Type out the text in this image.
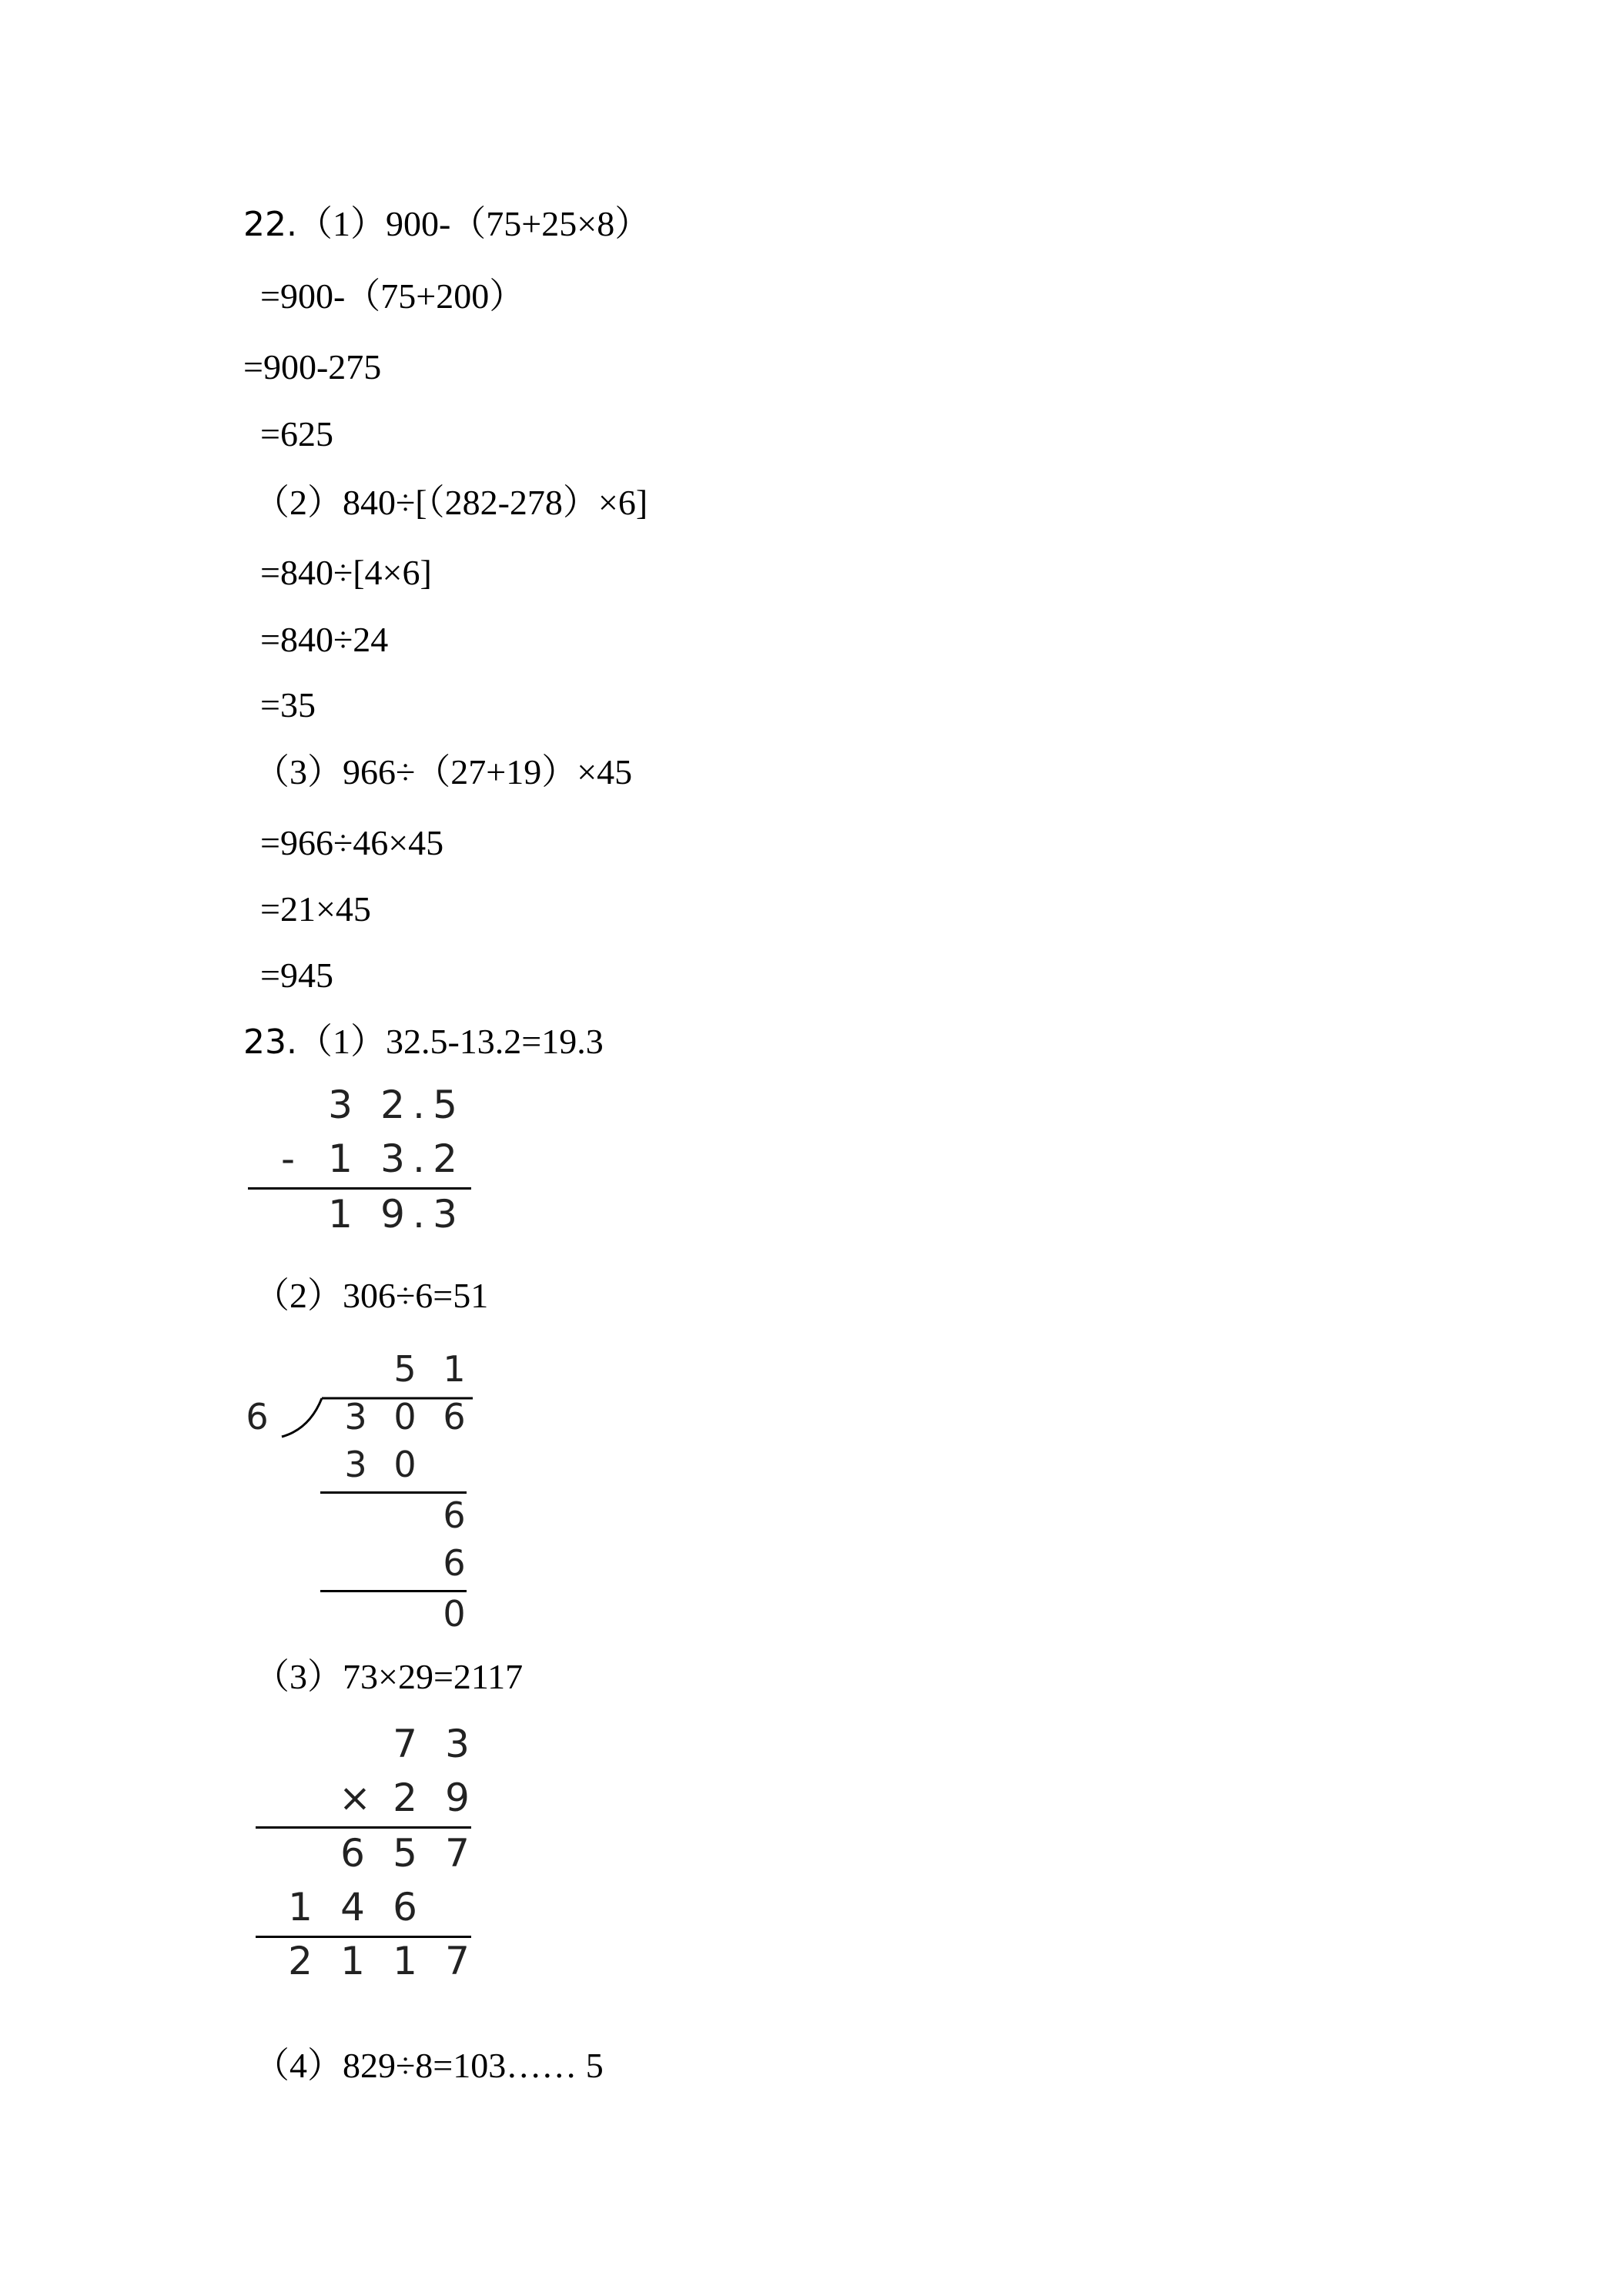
22.（1）900-（75+25×8）
=900-（75+200）
=900-275
=625
（2）840÷[（282-278）×6]
=840÷[4×6]
=840÷24
=35
（3）966÷（27+19）×45
=966÷46×45
=21×45
=945
23.（1）32.5-13.2=19.3
3 2 . 5
- 1 3 . 2
1 9 . 3
（2）306÷6=51
5 1
6 3 0 6
3 0
6
6
0
（3）73×29=2117
7 3
× 2 9
6 5 7
1 4 6
2 1 1 7
（4）829÷8=103…… 5
